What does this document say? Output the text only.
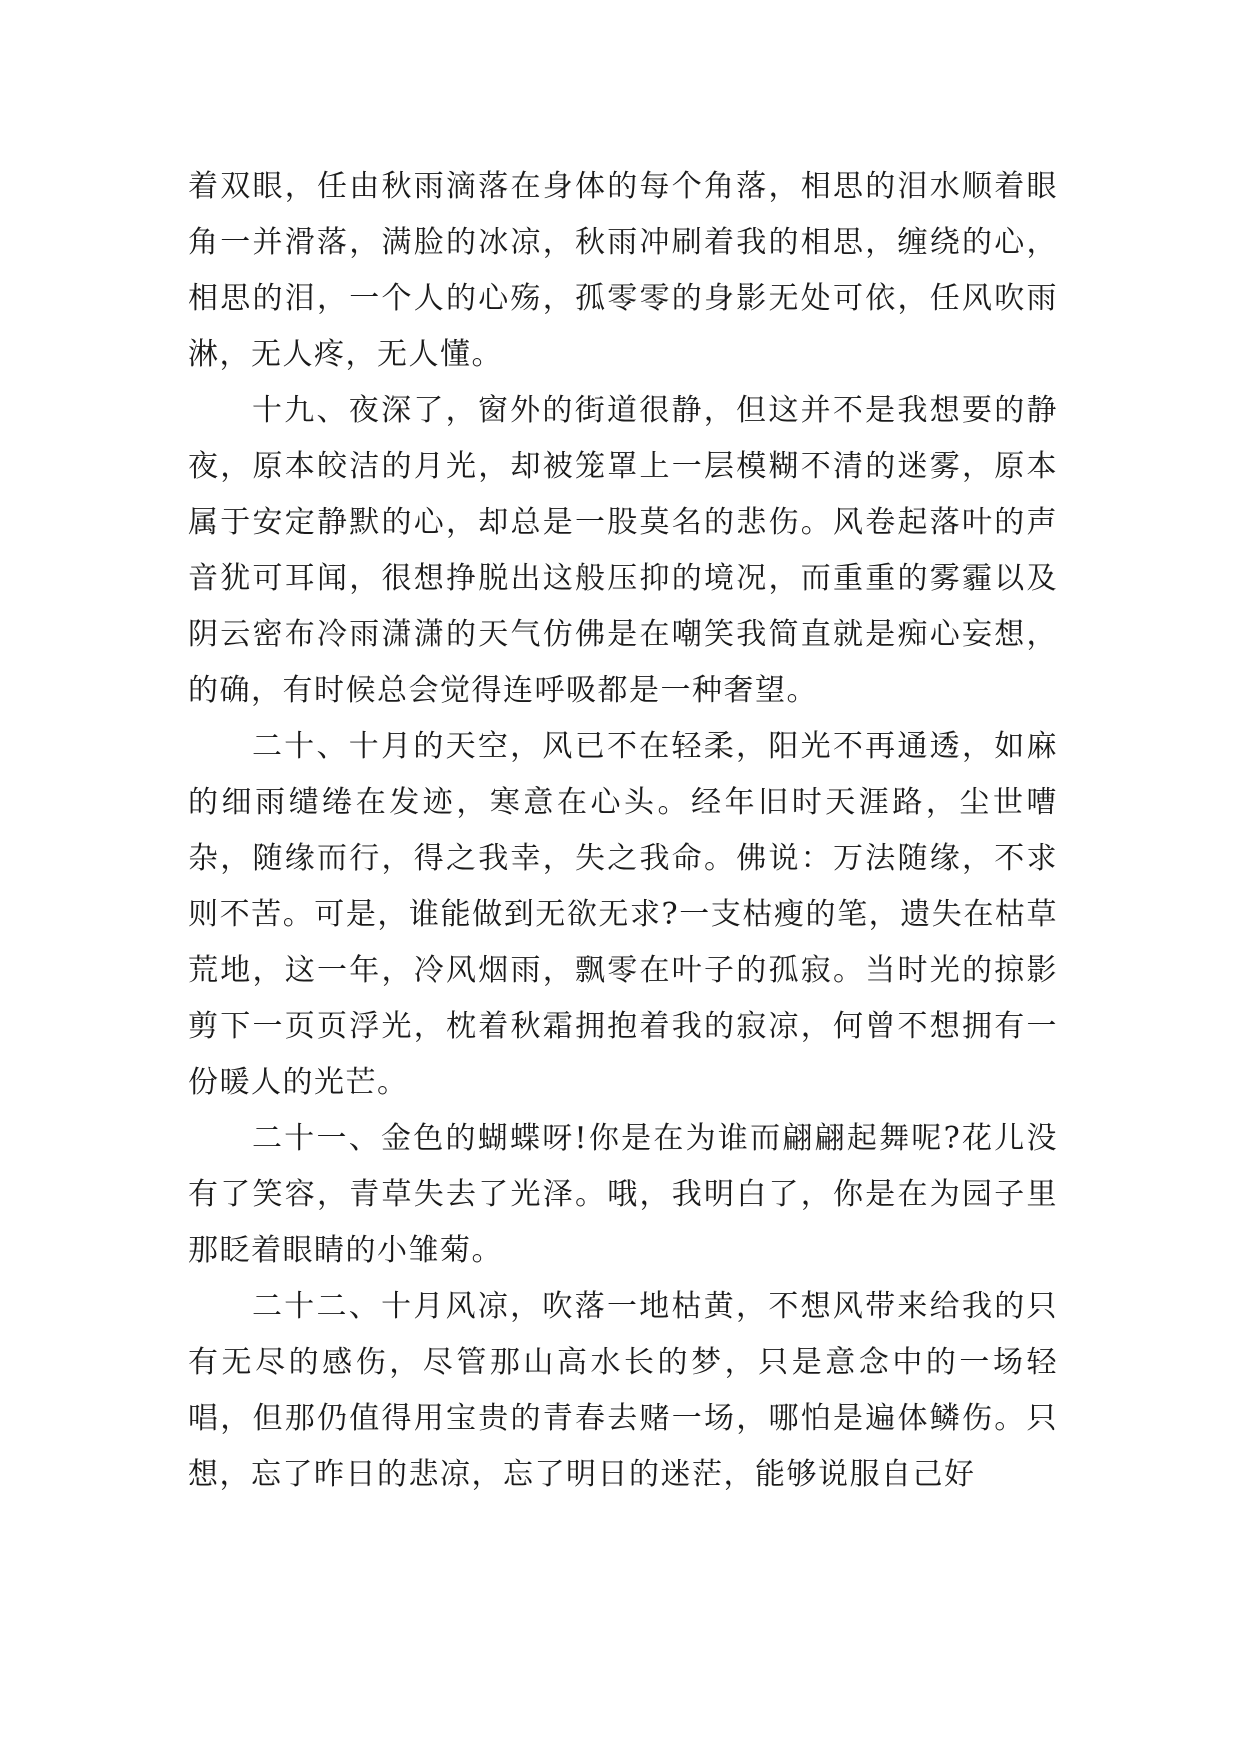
着双眼，任由秋雨滴落在身体的每个角落，相思的泪水顺着眼角一并滑落，满脸的冰凉，秋雨冲刷着我的相思，缠绕的心，相思的泪，一个人的心殇，孤零零的身影无处可依，任风吹雨淋，无人疼，无人懂。

十九、夜深了，窗外的街道很静，但这并不是我想要的静夜，原本皎洁的月光，却被笼罩上一层模糊不清的迷雾，原本属于安定静默的心，却总是一股莫名的悲伤。风卷起落叶的声音犹可耳闻，很想挣脱出这般压抑的境况，而重重的雾霾以及阴云密布冷雨潇潇的天气仿佛是在嘲笑我简直就是痴心妄想，的确，有时候总会觉得连呼吸都是一种奢望。

二十、十月的天空，风已不在轻柔，阳光不再通透，如麻的细雨缱绻在发迹，寒意在心头。经年旧时天涯路，尘世嘈杂，随缘而行，得之我幸，失之我命。佛说：万法随缘，不求则不苦。可是，谁能做到无欲无求?一支枯瘦的笔，遗失在枯草荒地，这一年，冷风烟雨，飘零在叶子的孤寂。当时光的掠影剪下一页页浮光，枕着秋霜拥抱着我的寂凉，何曾不想拥有一份暖人的光芒。

二十一、金色的蝴蝶呀!你是在为谁而翩翩起舞呢?花儿没有了笑容，青草失去了光泽。哦，我明白了，你是在为园子里那眨着眼睛的小雏菊。

二十二、十月风凉，吹落一地枯黄，不想风带来给我的只有无尽的感伤，尽管那山高水长的梦，只是意念中的一场轻唱，但那仍值得用宝贵的青春去赌一场，哪怕是遍体鳞伤。只想，忘了昨日的悲凉，忘了明日的迷茫，能够说服自己好
